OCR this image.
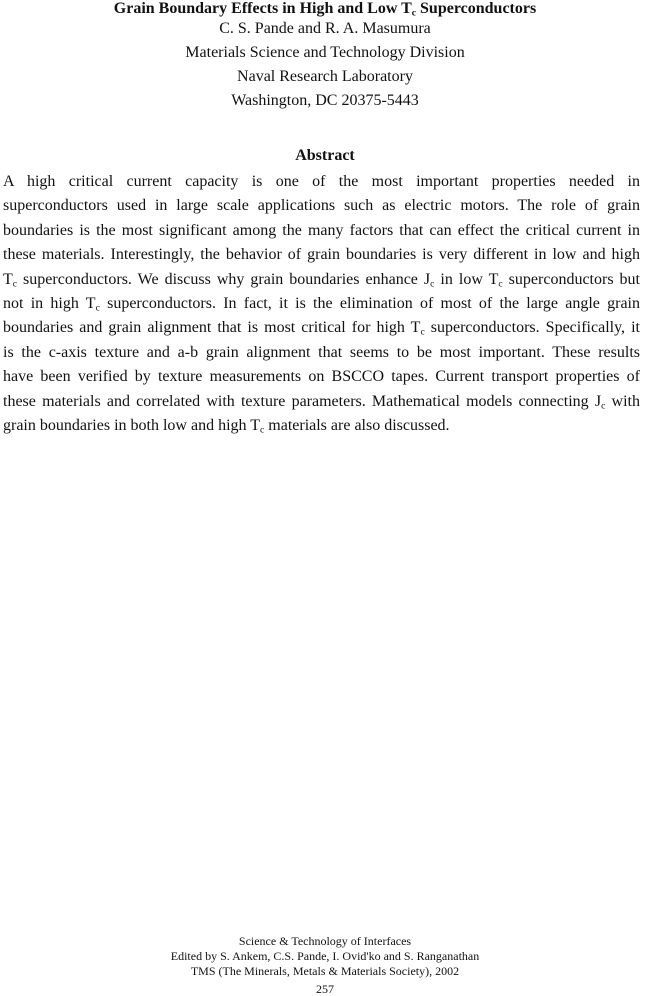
Grain Boundary Effects in High and Low $T_c$ Superconductors
C. S. Pande and R. A. Masumura
Materials Science and Technology Division
Naval Research Laboratory
Washington, DC 20375-5443
Abstract
A high critical current capacity is one of the most important properties needed in
superconductors used in large scale applications such as electric motors. The role of grain
boundaries is the most significant among the many factors that can effect the critical current in
these materials. Interestingly, the behavior of grain boundaries is very different in low and high
$T_c$ superconductors. We discuss why grain boundaries enhance $J_c$ in low $T_c$ superconductors but
not in high $T_c$ superconductors. In fact, it is the elimination of most of the large angle grain
boundaries and grain alignment that is most critical for high $T_c$ superconductors. Specifically, it
is the c-axis texture and a-b grain alignment that seems to be most important. These results
have been verified by texture measurements on BSCCO tapes. Current transport properties of
these materials and correlated with texture parameters. Mathematical models connecting $J_c$ with
grain boundaries in both low and high $T_c$ materials are also discussed.
Science & Technology of Interfaces
Edited by S. Ankem, C.S. Pande, I. Ovid'ko and S. Ranganathan
TMS (The Minerals, Metals & Materials Society), 2002
257
